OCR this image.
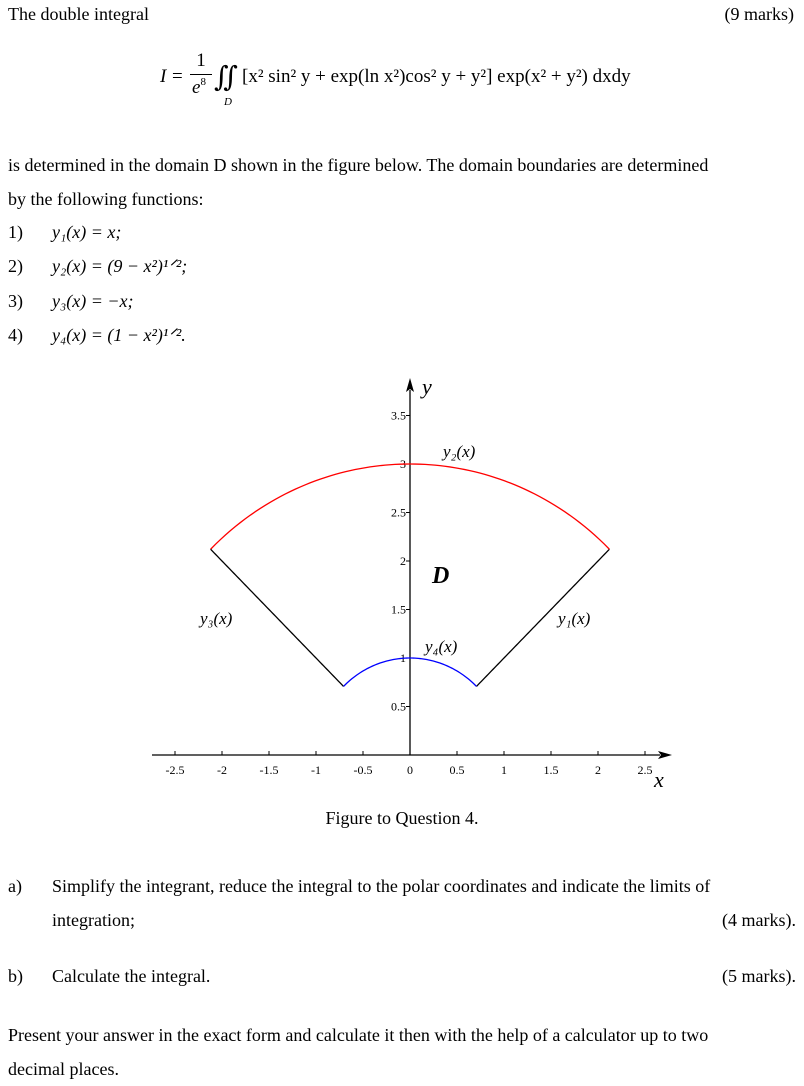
The double integral	(9 marks)
I =
1
$e^8$ ∬
D
[x² sin² y + exp(ln x²)cos² y + y²] exp(x² + y²) dxdy
is determined in the domain D shown in the figure below. The domain boundaries are determined
by the following functions:
1) y₁(x) = x;
2) y₂(x) = (9 − x²)¹ᐟ²;
3) y₃(x) = −x;
4) y₄(x) = (1 − x²)¹ᐟ².
-2.5	-2	-1.5	-1	-0.5	0	0.5	1	1.5	2	2.5
0.5
1
1.5
2
2.5
3
3.5
y
x
y₁(x)
y₂(x)
y₃(x)
y₄(x)
D
Figure to Question 4.
a) Simplify the integrant, reduce the integral to the polar coordinates and indicate the limits of
integration;	(4 marks).
b) Calculate the integral.	(5 marks).
Present your answer in the exact form and calculate it then with the help of a calculator up to two
decimal places.
